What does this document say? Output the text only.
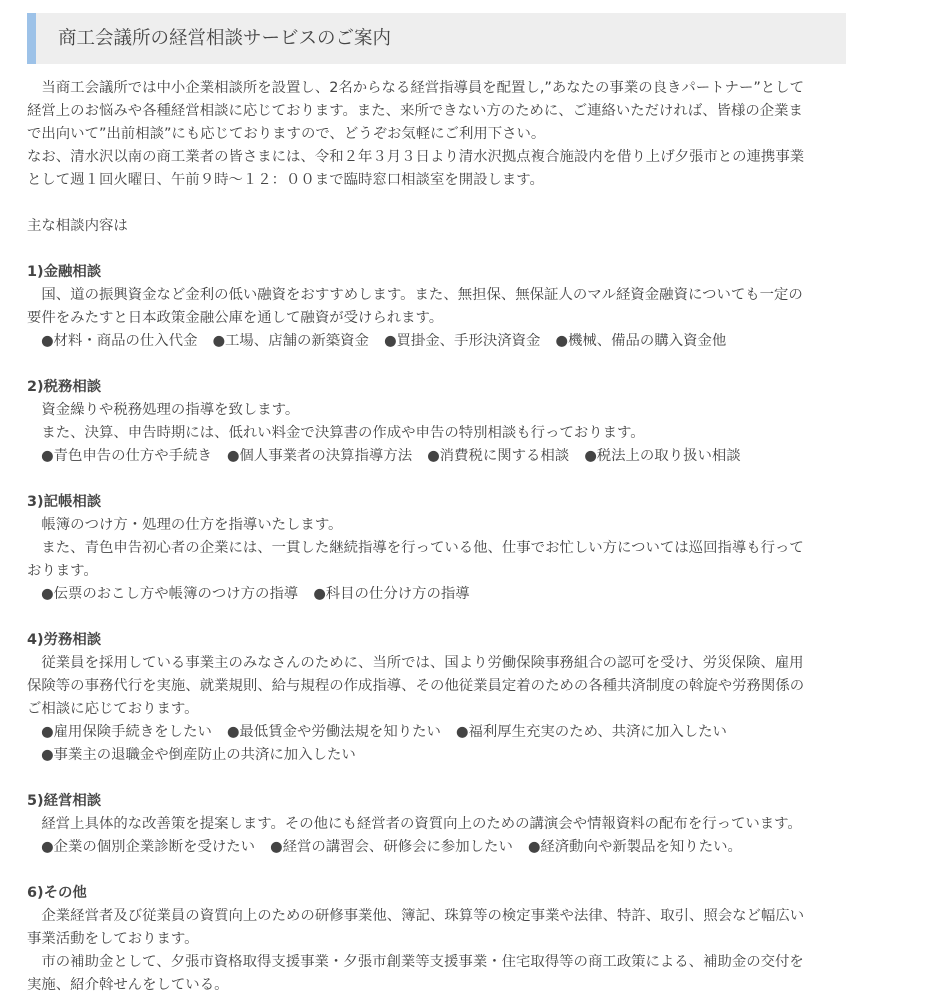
商工会議所の経営相談サービスのご案内
　当商工会議所では中小企業相談所を設置し、2名からなる経営指導員を配置し,”あなたの事業の良きパートナー”として
経営上のお悩みや各種経営相談に応じております。また、来所できない方のために、ご連絡いただければ、皆様の企業ま
で出向いて”出前相談”にも応じておりますので、どうぞお気軽にご利用下さい。
なお、清水沢以南の商工業者の皆さまには、令和２年３月３日より清水沢拠点複合施設内を借り上げ夕張市との連携事業
として週１回火曜日、午前９時〜１２：００まで臨時窓口相談室を開設します。
主な相談内容は
1)金融相談
　国、道の振興資金など金利の低い融資をおすすめします。また、無担保、無保証人のマル経資金融資についても一定の
要件をみたすと日本政策金融公庫を通して融資が受けられます。
●材料・商品の仕入代金 ●工場、店舗の新築資金 ●買掛金、手形決済資金 ●機械、備品の購入資金他
2)税務相談
　資金繰りや税務処理の指導を致します。
　また、決算、申告時期には、低れい料金で決算書の作成や申告の特別相談も行っております。
●青色申告の仕方や手続き ●個人事業者の決算指導方法 ●消費税に関する相談 ●税法上の取り扱い相談
3)記帳相談
　帳簿のつけ方・処理の仕方を指導いたします。
　また、青色申告初心者の企業には、一貫した継続指導を行っている他、仕事でお忙しい方については巡回指導も行って
おります。
●伝票のおこし方や帳簿のつけ方の指導 ●科目の仕分け方の指導
4)労務相談
　従業員を採用している事業主のみなさんのために、当所では、国より労働保険事務組合の認可を受け、労災保険、雇用
保険等の事務代行を実施、就業規則、給与規程の作成指導、その他従業員定着のための各種共済制度の斡旋や労務関係の
ご相談に応じております。
●雇用保険手続きをしたい ●最低賃金や労働法規を知りたい ●福利厚生充実のため、共済に加入したい
●事業主の退職金や倒産防止の共済に加入したい
5)経営相談
　経営上具体的な改善策を提案します。その他にも経営者の資質向上のための講演会や情報資料の配布を行っています。
●企業の個別企業診断を受けたい ●経営の講習会、研修会に参加したい ●経済動向や新製品を知りたい。
6)その他
　企業経営者及び従業員の資質向上のための研修事業他、簿記、珠算等の検定事業や法律、特許、取引、照会など幅広い
事業活動をしております。
　市の補助金として、夕張市資格取得支援事業・夕張市創業等支援事業・住宅取得等の商工政策による、補助金の交付を
実施、紹介斡せんをしている。
